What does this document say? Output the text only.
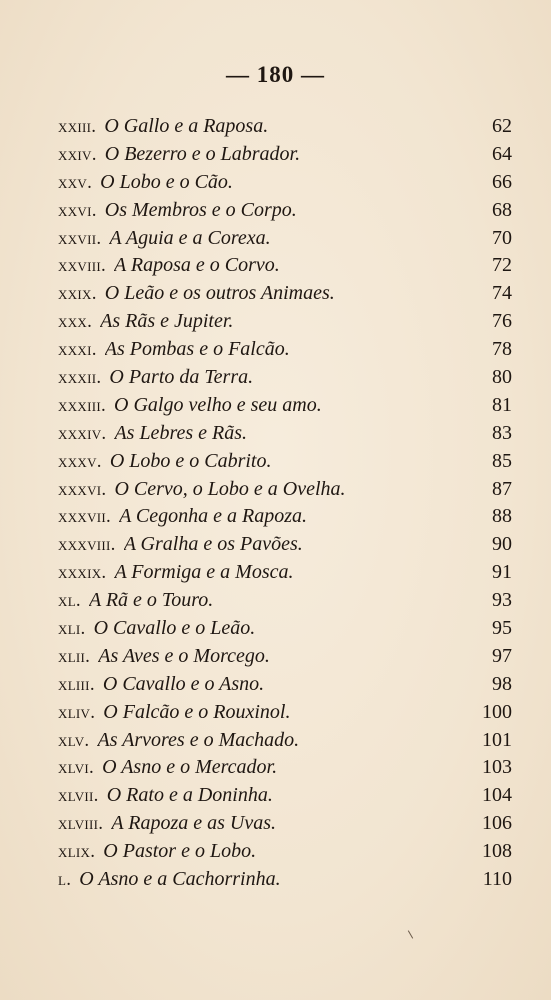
— 180 —
xxiii. O Gallo e a Raposa.	62
xxiv. O Bezerro e o Labrador.	64
xxv. O Lobo e o Cão.	66
xxvi. Os Membros e o Corpo.	68
xxvii. A Aguia e a Corexa.	70
xxviii. A Raposa e o Corvo.	72
xxix. O Leão e os outros Animaes.	74
xxx. As Rãs e Jupiter.	76
xxxi. As Pombas e o Falcão.	78
xxxii. O Parto da Terra.	80
xxxiii. O Galgo velho e seu amo.	81
xxxiv. As Lebres e Rãs.	83
xxxv. O Lobo e o Cabrito.	85
xxxvi. O Cervo, o Lobo e a Ovelha.	87
xxxvii. A Cegonha e a Rapoza.	88
xxxviii. A Gralha e os Pavões.	90
xxxix. A Formiga e a Mosca.	91
xl. A Rã e o Touro.	93
xli. O Cavallo e o Leão.	95
xlii. As Aves e o Morcego.	97
xliii. O Cavallo e o Asno.	98
xliv. O Falcão e o Rouxinol.	100
xlv. As Arvores e o Machado.	101
xlvi. O Asno e o Mercador.	103
xlvii. O Rato e a Doninha.	104
xlviii. A Rapoza e as Uvas.	106
xlix. O Pastor e o Lobo.	108
l. O Asno e a Cachorrinha.	110
